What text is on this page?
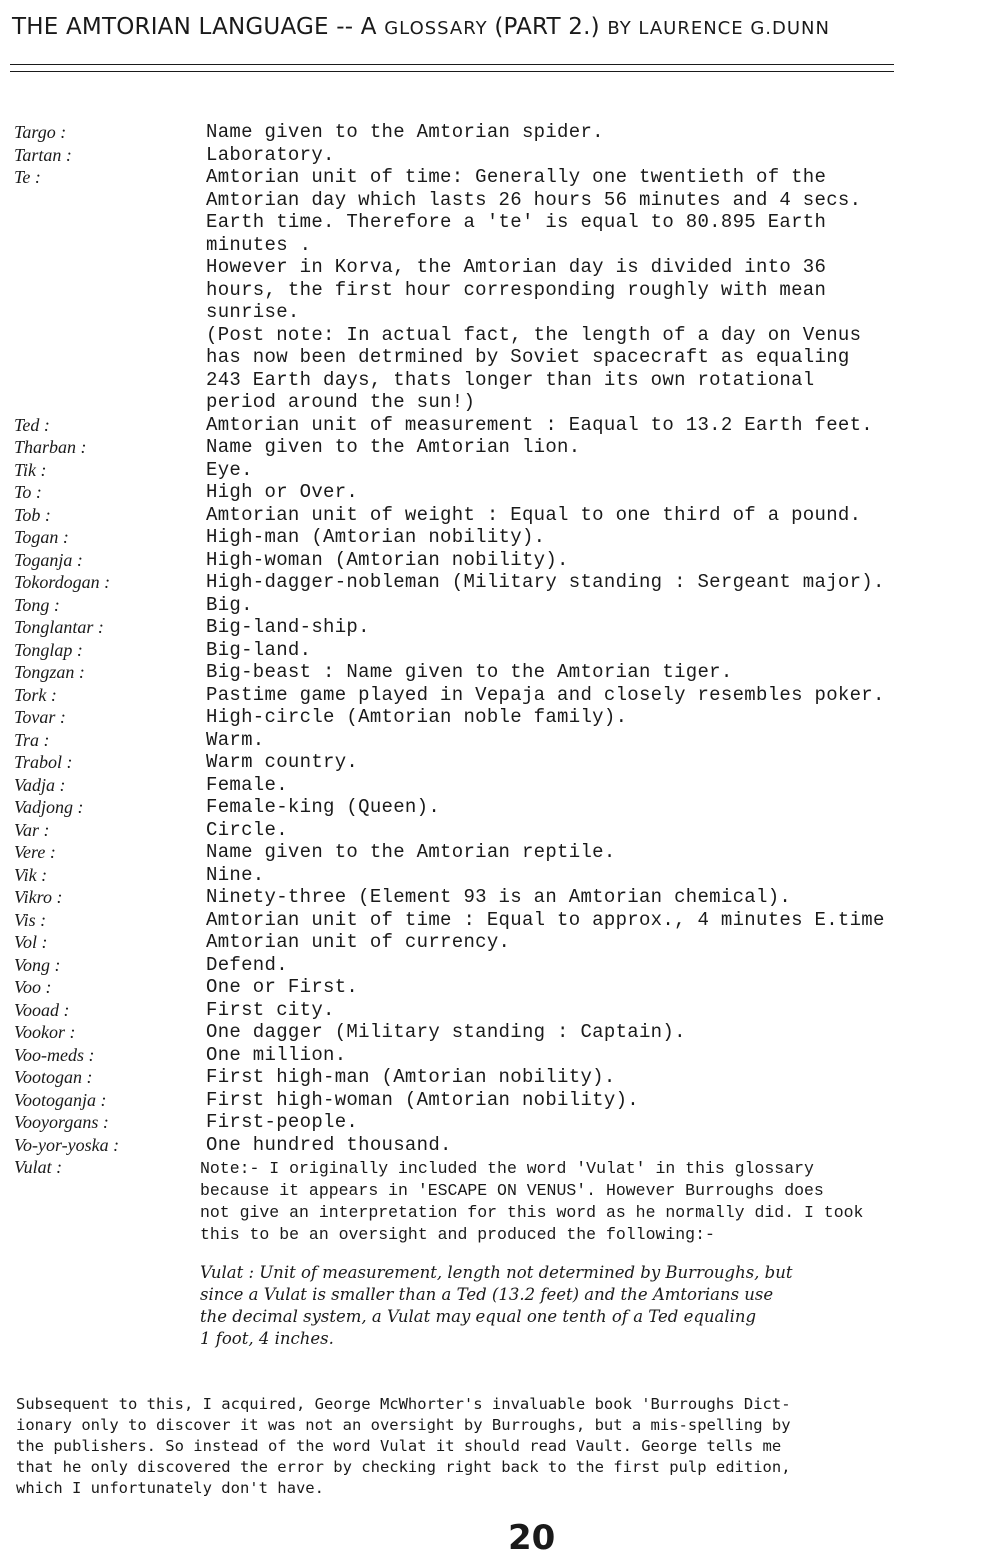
THE AMTORIAN LANGUAGE -- A GLOSSARY (PART 2.) BY LAURENCE G.DUNN
Targo :	Name given to the Amtorian spider.
Tartan :	Laboratory.
Te :	Amtorian unit of time: Generally one twentieth of the
Amtorian day which lasts 26 hours 56 minutes and 4 secs.
Earth time. Therefore a 'te' is equal to 80.895 Earth
minutes .
However in Korva, the Amtorian day is divided into 36
hours, the first hour corresponding roughly with mean
sunrise.
(Post note: In actual fact, the length of a day on Venus
has now been detrmined by Soviet spacecraft as equaling
243 Earth days, thats longer than its own rotational
period around the sun!)
Ted :	Amtorian unit of measurement : Eaqual to 13.2 Earth feet.
Tharban :	Name given to the Amtorian lion.
Tik :	Eye.
To :	High or Over.
Tob :	Amtorian unit of weight : Equal to one third of a pound.
Togan :	High-man (Amtorian nobility).
Toganja :	High-woman (Amtorian nobility).
Tokordogan :	High-dagger-nobleman (Military standing : Sergeant major).
Tong :	Big.
Tonglantar :	Big-land-ship.
Tonglap :	Big-land.
Tongzan :	Big-beast : Name given to the Amtorian tiger.
Tork :	Pastime game played in Vepaja and closely resembles poker.
Tovar :	High-circle (Amtorian noble family).
Tra :	Warm.
Trabol :	Warm country.
Vadja :	Female.
Vadjong :	Female-king (Queen).
Var :	Circle.
Vere :	Name given to the Amtorian reptile.
Vik :	Nine.
Vikro :	Ninety-three (Element 93 is an Amtorian chemical).
Vis :	Amtorian unit of time : Equal to approx., 4 minutes E.time
Vol :	Amtorian unit of currency.
Vong :	Defend.
Voo :	One or First.
Vooad :	First city.
Vookor :	One dagger (Military standing : Captain).
Voo-meds :	One million.
Vootogan :	First high-man (Amtorian nobility).
Vootoganja :	First high-woman (Amtorian nobility).
Vooyorgans :	First-people.
Vo-yor-yoska :	One hundred thousand.
Vulat :	Note:- I originally included the word 'Vulat' in this glossary
because it appears in 'ESCAPE ON VENUS'. However Burroughs does
not give an interpretation for this word as he normally did. I took
this to be an oversight and produced the following:-
Vulat : Unit of measurement, length not determined by Burroughs, but
since a Vulat is smaller than a Ted (13.2 feet) and the Amtorians use
the decimal system, a Vulat may equal one tenth of a Ted equaling
1 foot, 4 inches.
Subsequent to this, I acquired, George McWhorter's invaluable book 'Burroughs Dict-
ionary only to discover it was not an oversight by Burroughs, but a mis-spelling by
the publishers. So instead of the word Vulat it should read Vault. George tells me
that he only discovered the error by checking right back to the first pulp edition,
which I unfortunately don't have.
20
